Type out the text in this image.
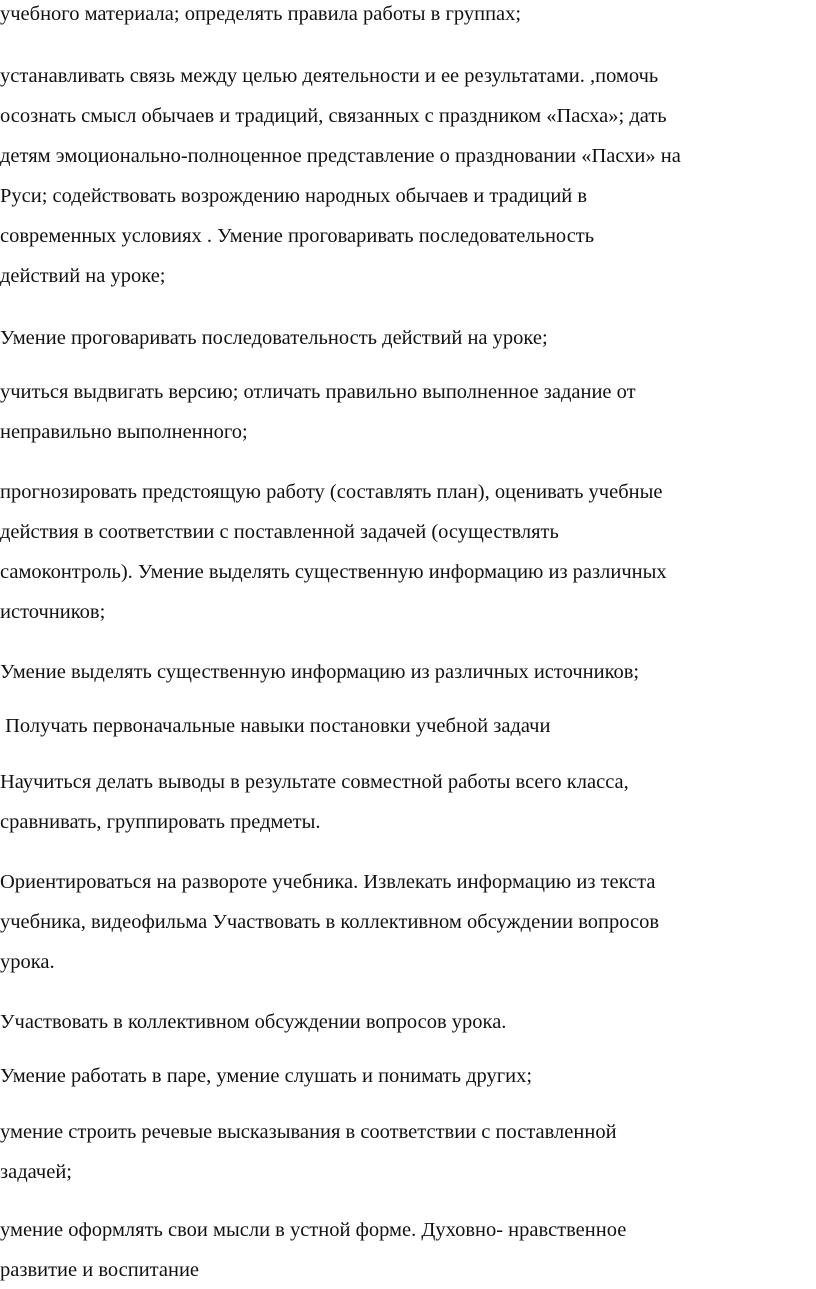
учебного материала; определять правила работы в группах;

устанавливать связь между целью деятельности и ее результатами. ,помочь
осознать смысл обычаев и традиций, связанных с праздником «Пасха»; дать
детям эмоционально-полноценное представление о праздновании «Пасхи» на
Руси; содействовать возрождению народных обычаев и традиций в
современных условиях . Умение проговаривать последовательность
действий на уроке;

Умение проговаривать последовательность действий на уроке;

учиться выдвигать версию; отличать правильно выполненное задание от
неправильно выполненного;
прогнозировать предстоящую работу (составлять план), оценивать учебные
действия в соответствии с поставленной задачей (осуществлять
самоконтроль). Умение выделять существенную информацию из различных
источников;

Умение выделять существенную информацию из различных источников;

Получать первоначальные навыки постановки учебной задачи

Научиться делать выводы в результате совместной работы всего класса,
сравнивать, группировать предметы.
Ориентироваться на развороте учебника. Извлекать информацию из текста
учебника, видеофильма Участвовать в коллективном обсуждении вопросов
урока.

Участвовать в коллективном обсуждении вопросов урока.

Умение работать в паре, умение слушать и понимать других;

умение строить речевые высказывания в соответствии с поставленной
задачей;
умение оформлять свои мысли в устной форме. Духовно- нравственное
развитие и воспитание
